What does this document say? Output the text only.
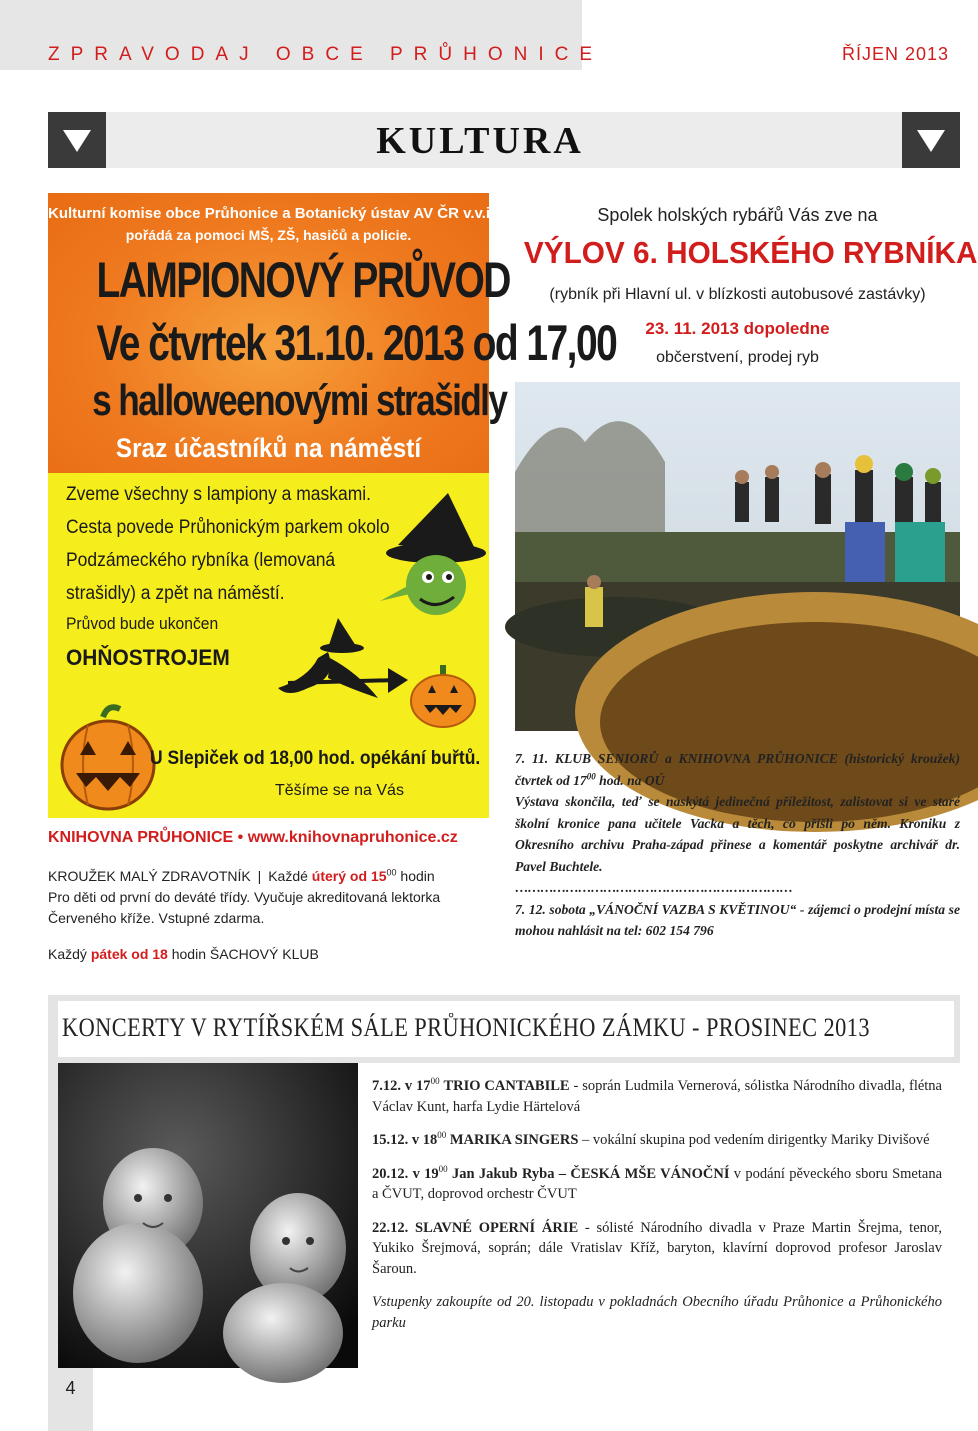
ZPRAVODAJ OBCE PRŮHONICE	ŘÍJEN 2013
KULTURA
Kulturní komise obce Průhonice a Botanický ústav AV ČR v.v.i.
pořádá za pomoci MŠ, ZŠ, hasičů a policie.
LAMPIONOVÝ PRŮVOD
Ve čtvrtek 31.10. 2013 od 17,00
s halloweenovými strašidly
Sraz účastníků na náměstí
Zveme všechny s lampiony a maskami.
Cesta povede Průhonickým parkem okolo
Podzámeckého rybníka (lemovaná
strašidly) a zpět na náměstí.
Průvod bude ukončen
OHŇOSTROJEM
U Slepiček od 18,00 hod. opékání buřtů.
Těšíme se na Vás
KNIHOVNA PRŮHONICE • www.knihovnapruhonice.cz
KROUŽEK MALÝ ZDRAVOTNÍK | Každé úterý od $15^{00}$ hodin
Pro děti od první do deváté třídy. Vyučuje akreditovaná lektorka Červeného kříže. Vstupné zdarma.
Každý pátek od 18 hodin ŠACHOVÝ KLUB
Spolek holských rybářů Vás zve na
VÝLOV 6. HOLSKÉHO RYBNÍKA
(rybník při Hlavní ul. v blízkosti autobusové zastávky)
23. 11. 2013 dopoledne
občerstvení, prodej ryb

7. 11. KLUB SENIORŮ a KNIHOVNA PRŮHONICE (historický kroužek) čtvrtek od $17^{00}$ hod. na OÚ

Výstava skončila, teď se naskýtá jedinečná příležitost, zalistovat si ve staré školní kronice pana učitele Vacka a těch, co přišli po něm. Kroniku z Okresního archivu Praha-západ přinese a komentář poskytne archivář dr. Pavel Buchtele.

…………………………………………………………

7. 12. sobota „VÁNOČNÍ VAZBA S KVĚTINOU“ - zájemci o prodejní místa se mohou nahlásit na tel: 602 154 796

KONCERTY V RYTÍŘSKÉM SÁLE PRŮHONICKÉHO ZÁMKU - PROSINEC 2013

7.12. v $17^{00}$ TRIO CANTABILE - soprán Ludmila Vernerová, sólistka Národního divadla, flétna Václav Kunt, harfa Lydie Härtelová

15.12. v $18^{00}$ MARIKA SINGERS – vokální skupina pod vedením dirigentky Mariky Divišové

20.12. v $19^{00}$ Jan Jakub Ryba – ČESKÁ MŠE VÁNOČNÍ v podání pěveckého sboru Smetana a ČVUT, doprovod orchestr ČVUT

22.12. SLAVNÉ OPERNÍ ÁRIE - sólisté Národního divadla v Praze Martin Šrejma, tenor, Yukiko Šrejmová, soprán; dále Vratislav Kříž, baryton, klavírní doprovod profesor Jaroslav Šaroun.

Vstupenky zakoupíte od 20. listopadu v pokladnách Obecního úřadu Průhonice a Průhonického parku

4
